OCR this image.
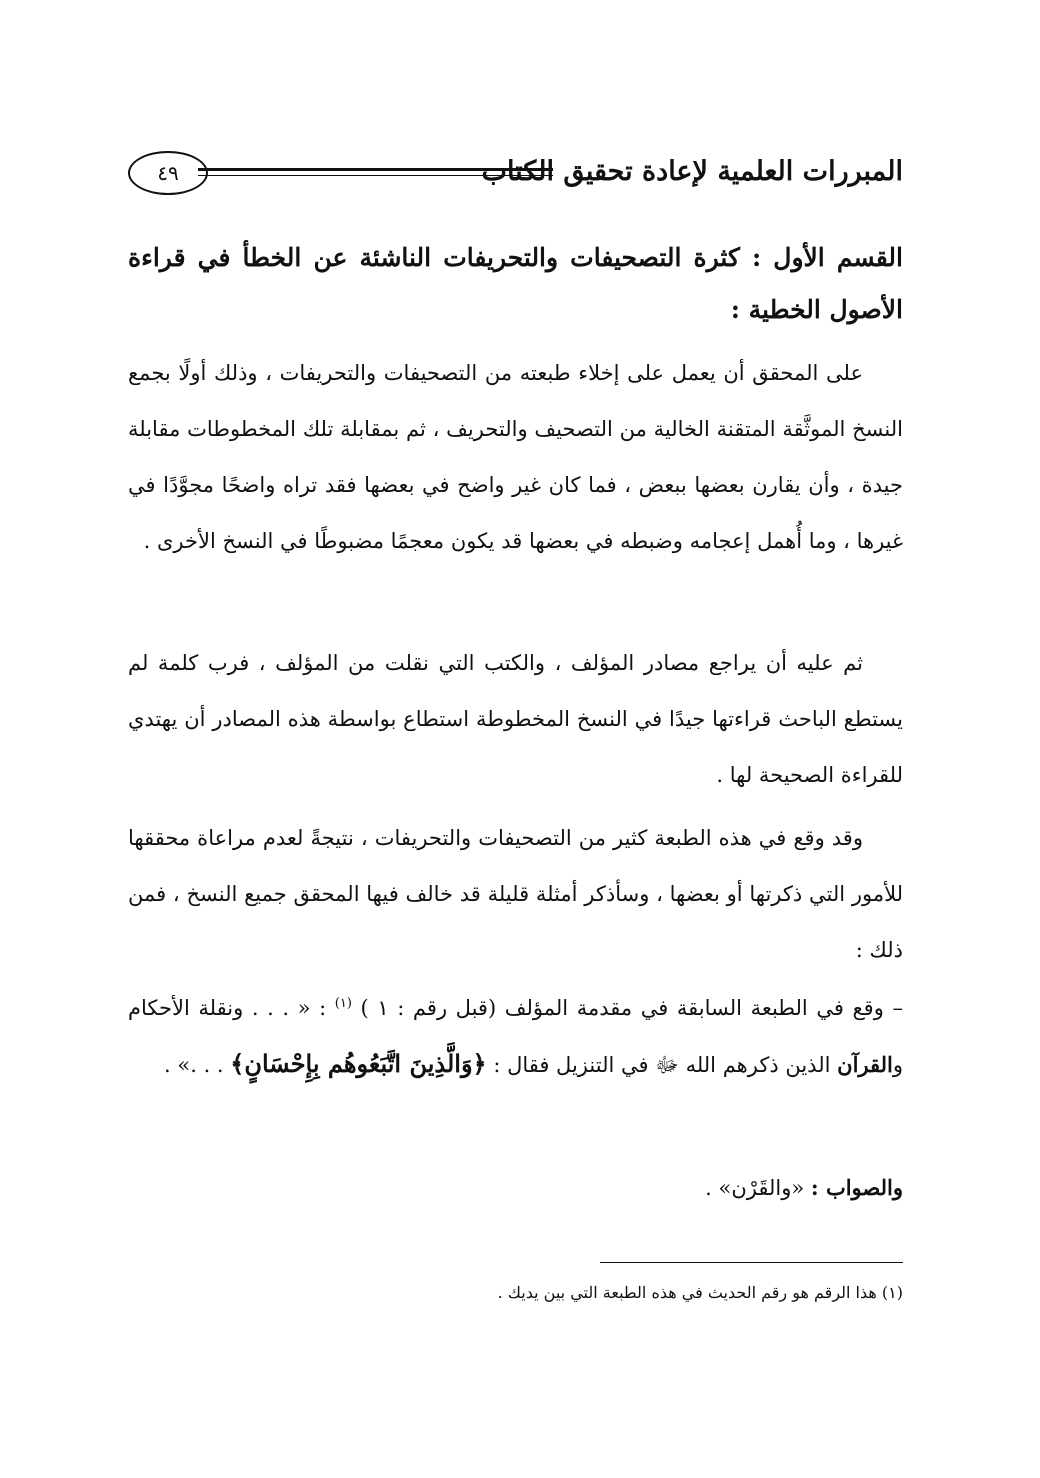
٤٩	المبررات العلمية لإعادة تحقيق الكتاب
القسم الأول : كثرة التصحيفات والتحريفات الناشئة عن الخطأ في قراءة الأصول الخطية :
على المحقق أن يعمل على إخلاء طبعته من التصحيفات والتحريفات ، وذلك أولًا بجمع النسخ الموثَّقة المتقنة الخالية من التصحيف والتحريف ، ثم بمقابلة تلك المخطوطات مقابلة جيدة ، وأن يقارن بعضها ببعض ، فما كان غير واضح في بعضها فقد تراه واضحًا مجوَّدًا في غيرها ، وما أُهمل إعجامه وضبطه في بعضها قد يكون معجمًا مضبوطًا في النسخ الأخرى .
ثم عليه أن يراجع مصادر المؤلف ، والكتب التي نقلت من المؤلف ، فرب كلمة لم يستطع الباحث قراءتها جيدًا في النسخ المخطوطة استطاع بواسطة هذه المصادر أن يهتدي للقراءة الصحيحة لها .
وقد وقع في هذه الطبعة كثير من التصحيفات والتحريفات ، نتيجةً لعدم مراعاة محققها للأمور التي ذكرتها أو بعضها ، وسأذكر أمثلة قليلة قد خالف فيها المحقق جميع النسخ ، فمن ذلك :
– وقع في الطبعة السابقة في مقدمة المؤلف (قبل رقم : ١ ) $^{(١)}$ : « . . . ونقلة الأحكام والقرآن الذين ذكرهم الله ﷻ في التنزيل فقال : ﴿وَالَّذِينَ اتَّبَعُوهُم بِإِحْسَانٍ﴾ . . .» .
والصواب : «والقَرْن» .
(١) هذا الرقم هو رقم الحديث في هذه الطبعة التي بين يديك .
